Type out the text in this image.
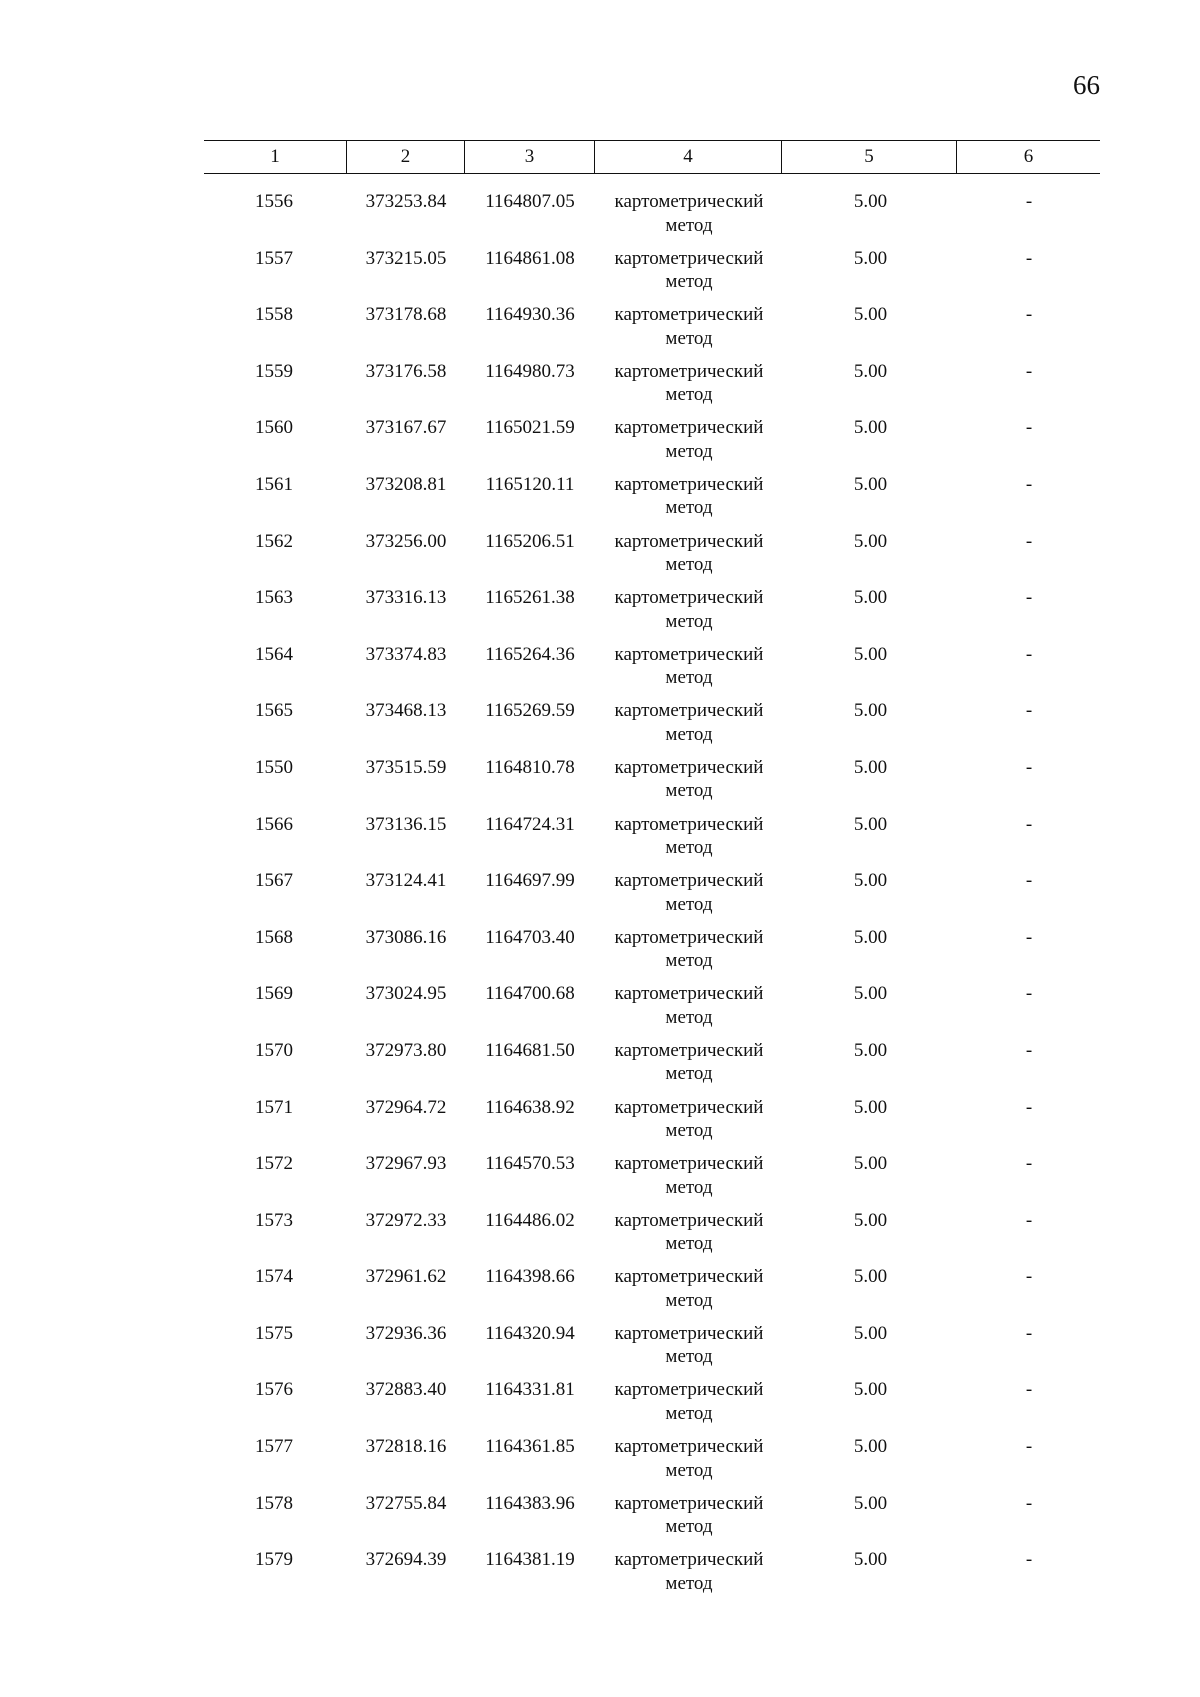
66
1	2	3	4	5	6
1556	373253.84	1164807.05	картометрический
метод
5.00	-
1557	373215.05	1164861.08	картометрический
метод
5.00	-
1558	373178.68	1164930.36	картометрический
метод
5.00	-
1559	373176.58	1164980.73	картометрический
метод
5.00	-
1560	373167.67	1165021.59	картометрический
метод
5.00	-
1561	373208.81	1165120.11	картометрический
метод
5.00	-
1562	373256.00	1165206.51	картометрический
метод
5.00	-
1563	373316.13	1165261.38	картометрический
метод
5.00	-
1564	373374.83	1165264.36	картометрический
метод
5.00	-
1565	373468.13	1165269.59	картометрический
метод
5.00	-
1550	373515.59	1164810.78	картометрический
метод
5.00	-
1566	373136.15	1164724.31	картометрический
метод
5.00	-
1567	373124.41	1164697.99	картометрический
метод
5.00	-
1568	373086.16	1164703.40	картометрический
метод
5.00	-
1569	373024.95	1164700.68	картометрический
метод
5.00	-
1570	372973.80	1164681.50	картометрический
метод
5.00	-
1571	372964.72	1164638.92	картометрический
метод
5.00	-
1572	372967.93	1164570.53	картометрический
метод
5.00	-
1573	372972.33	1164486.02	картометрический
метод
5.00	-
1574	372961.62	1164398.66	картометрический
метод
5.00	-
1575	372936.36	1164320.94	картометрический
метод
5.00	-
1576	372883.40	1164331.81	картометрический
метод
5.00	-
1577	372818.16	1164361.85	картометрический
метод
5.00	-
1578	372755.84	1164383.96	картометрический
метод
5.00	-
1579	372694.39	1164381.19	картометрический
метод
5.00	-
